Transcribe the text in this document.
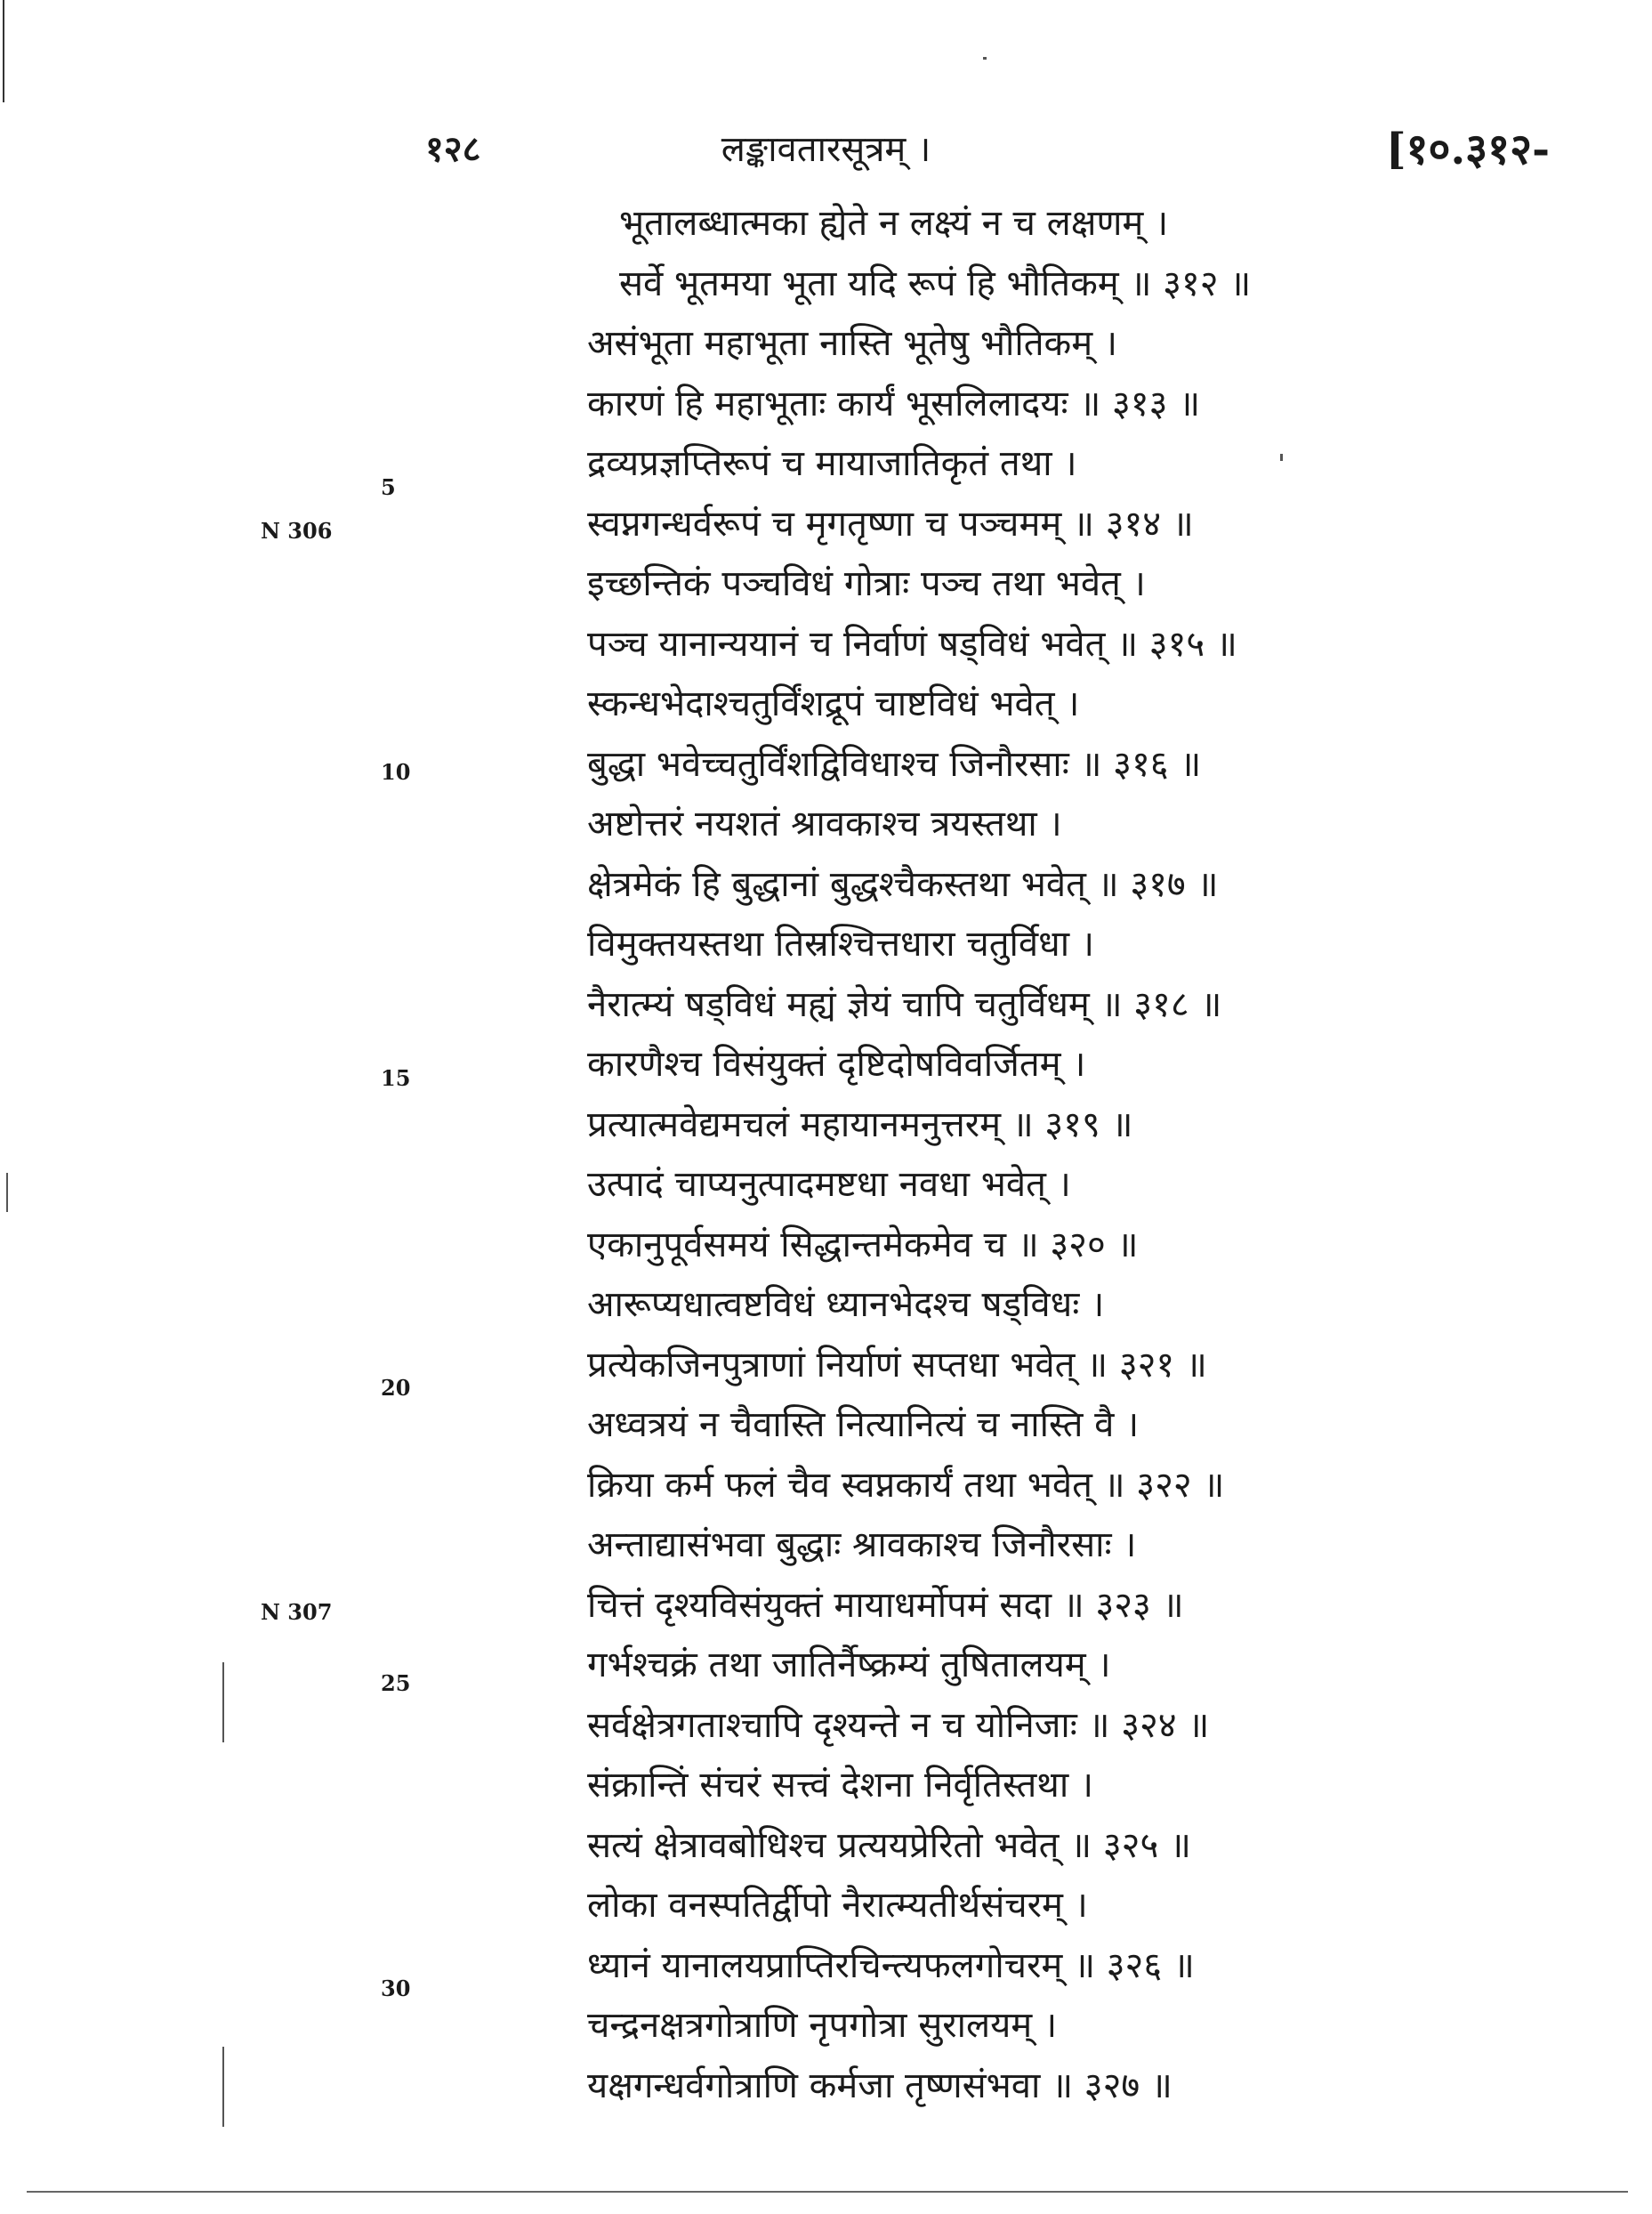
१२८	लङ्कावतारसूत्रम् ।	[१०.३१२-
N 306
N 307
5
10
15
20
25
30
भूतालब्धात्मका ह्येते न लक्ष्यं न च लक्षणम् ।
सर्वे भूतमया भूता यदि रूपं हि भौतिकम् ॥ ३१२ ॥
असंभूता महाभूता नास्ति भूतेषु भौतिकम् ।
कारणं हि महाभूताः कार्यं भूसलिलादयः ॥ ३१३ ॥
द्रव्यप्रज्ञप्तिरूपं च मायाजातिकृतं तथा ।
स्वप्नगन्धर्वरूपं च मृगतृष्णा च पञ्चमम् ॥ ३१४ ॥
इच्छन्तिकं पञ्चविधं गोत्राः पञ्च तथा भवेत् ।
पञ्च यानान्ययानं च निर्वाणं षड्विधं भवेत् ॥ ३१५ ॥
स्कन्धभेदाश्चतुर्विंशद्रूपं चाष्टविधं भवेत् ।
बुद्धा भवेच्चतुर्विंशद्विविधाश्च जिनौरसाः ॥ ३१६ ॥
अष्टोत्तरं नयशतं श्रावकाश्च त्रयस्तथा ।
क्षेत्रमेकं हि बुद्धानां बुद्धश्चैकस्तथा भवेत् ॥ ३१७ ॥
विमुक्तयस्तथा तिस्रश्चित्तधारा चतुर्विधा ।
नैरात्म्यं षड्विधं मह्यं ज्ञेयं चापि चतुर्विधम् ॥ ३१८ ॥
कारणैश्च विसंयुक्तं दृष्टिदोषविवर्जितम् ।
प्रत्यात्मवेद्यमचलं महायानमनुत्तरम् ॥ ३१९ ॥
उत्पादं चाप्यनुत्पादमष्टधा नवधा भवेत् ।
एकानुपूर्वसमयं सिद्धान्तमेकमेव च ॥ ३२० ॥
आरूप्यधात्वष्टविधं ध्यानभेदश्च षड्विधः ।
प्रत्येकजिनपुत्राणां निर्याणं सप्तधा भवेत् ॥ ३२१ ॥
अध्वत्रयं न चैवास्ति नित्यानित्यं च नास्ति वै ।
क्रिया कर्म फलं चैव स्वप्नकार्यं तथा भवेत् ॥ ३२२ ॥
अन्ताद्यासंभवा बुद्धाः श्रावकाश्च जिनौरसाः ।
चित्तं दृश्यविसंयुक्तं मायाधर्मोपमं सदा ॥ ३२३ ॥
गर्भश्चक्रं तथा जातिर्नैष्क्रम्यं तुषितालयम् ।
सर्वक्षेत्रगताश्चापि दृश्यन्ते न च योनिजाः ॥ ३२४ ॥
संक्रान्तिं संचरं सत्त्वं देशना निर्वृतिस्तथा ।
सत्यं क्षेत्रावबोधिश्च प्रत्ययप्रेरितो भवेत् ॥ ३२५ ॥
लोका वनस्पतिर्द्वीपो नैरात्म्यतीर्थसंचरम् ।
ध्यानं यानालयप्राप्तिरचिन्त्यफलगोचरम् ॥ ३२६ ॥
चन्द्रनक्षत्रगोत्राणि नृपगोत्रा सुरालयम् ।
यक्षगन्धर्वगोत्राणि कर्मजा तृष्णसंभवा ॥ ३२७ ॥
